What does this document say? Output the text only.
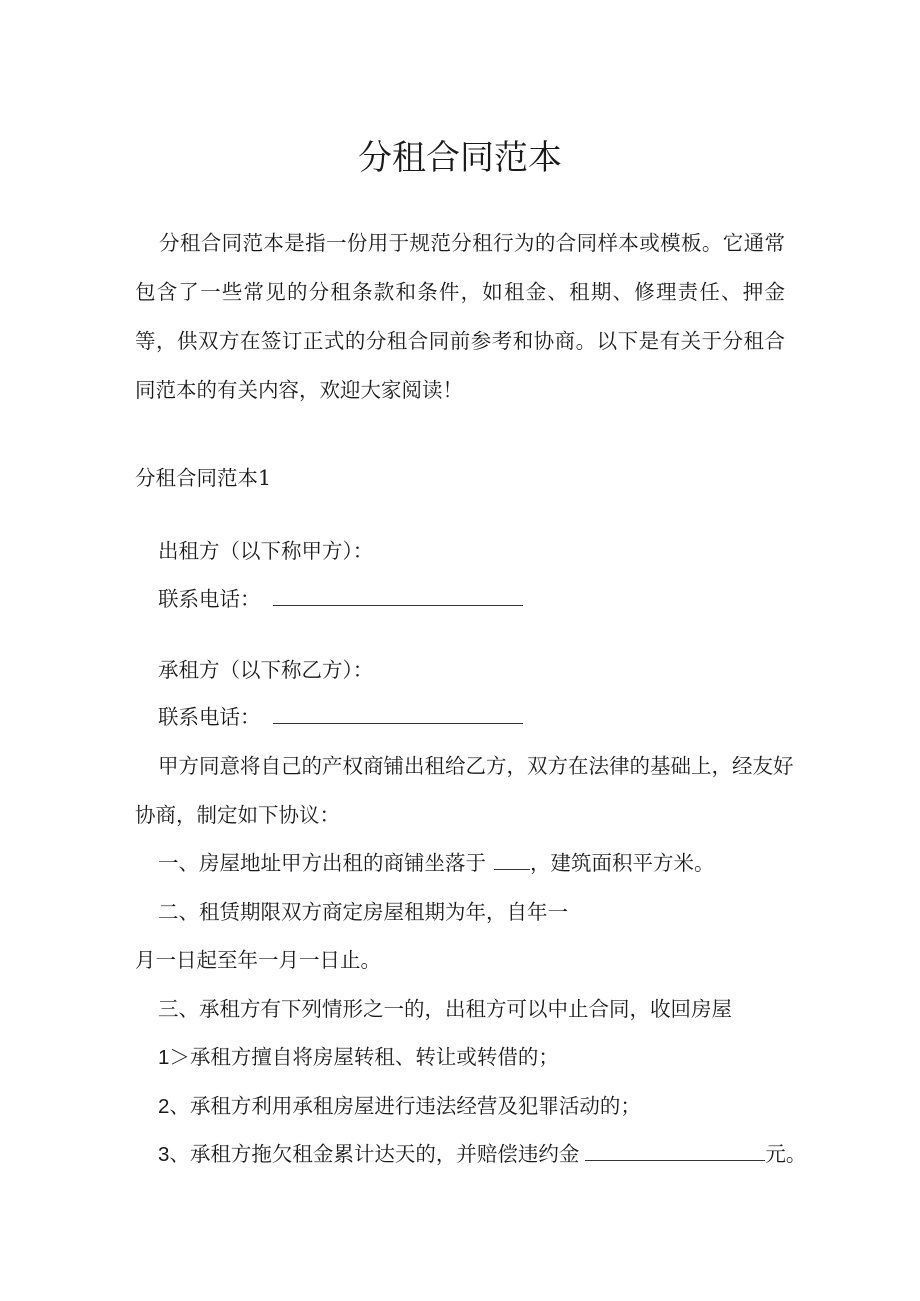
分租合同范本

分租合同范本是指一份用于规范分租行为的合同样本或模板。它通常包含了一些常见的分租条款和条件，如租金、租期、修理责任、押金等，供双方在签订正式的分租合同前参考和协商。以下是有关于分租合同范本的有关内容，欢迎大家阅读！

分租合同范本1

出租方（以下称甲方）：

联系电话：

承租方（以下称乙方）：

联系电话：

甲方同意将自己的产权商铺出租给乙方，双方在法律的基础上，经友好

协商，制定如下协议：

一、房屋地址甲方出租的商铺坐落于 ，建筑面积平方米。

二、租赁期限双方商定房屋租期为年，自年一

月一日起至年一月一日止。

三、承租方有下列情形之一的，出租方可以中止合同，收回房屋

1＞承租方擅自将房屋转租、转让或转借的；

2、承租方利用承租房屋进行违法经营及犯罪活动的；

3、承租方拖欠租金累计达天的，并赔偿违约金	元。
